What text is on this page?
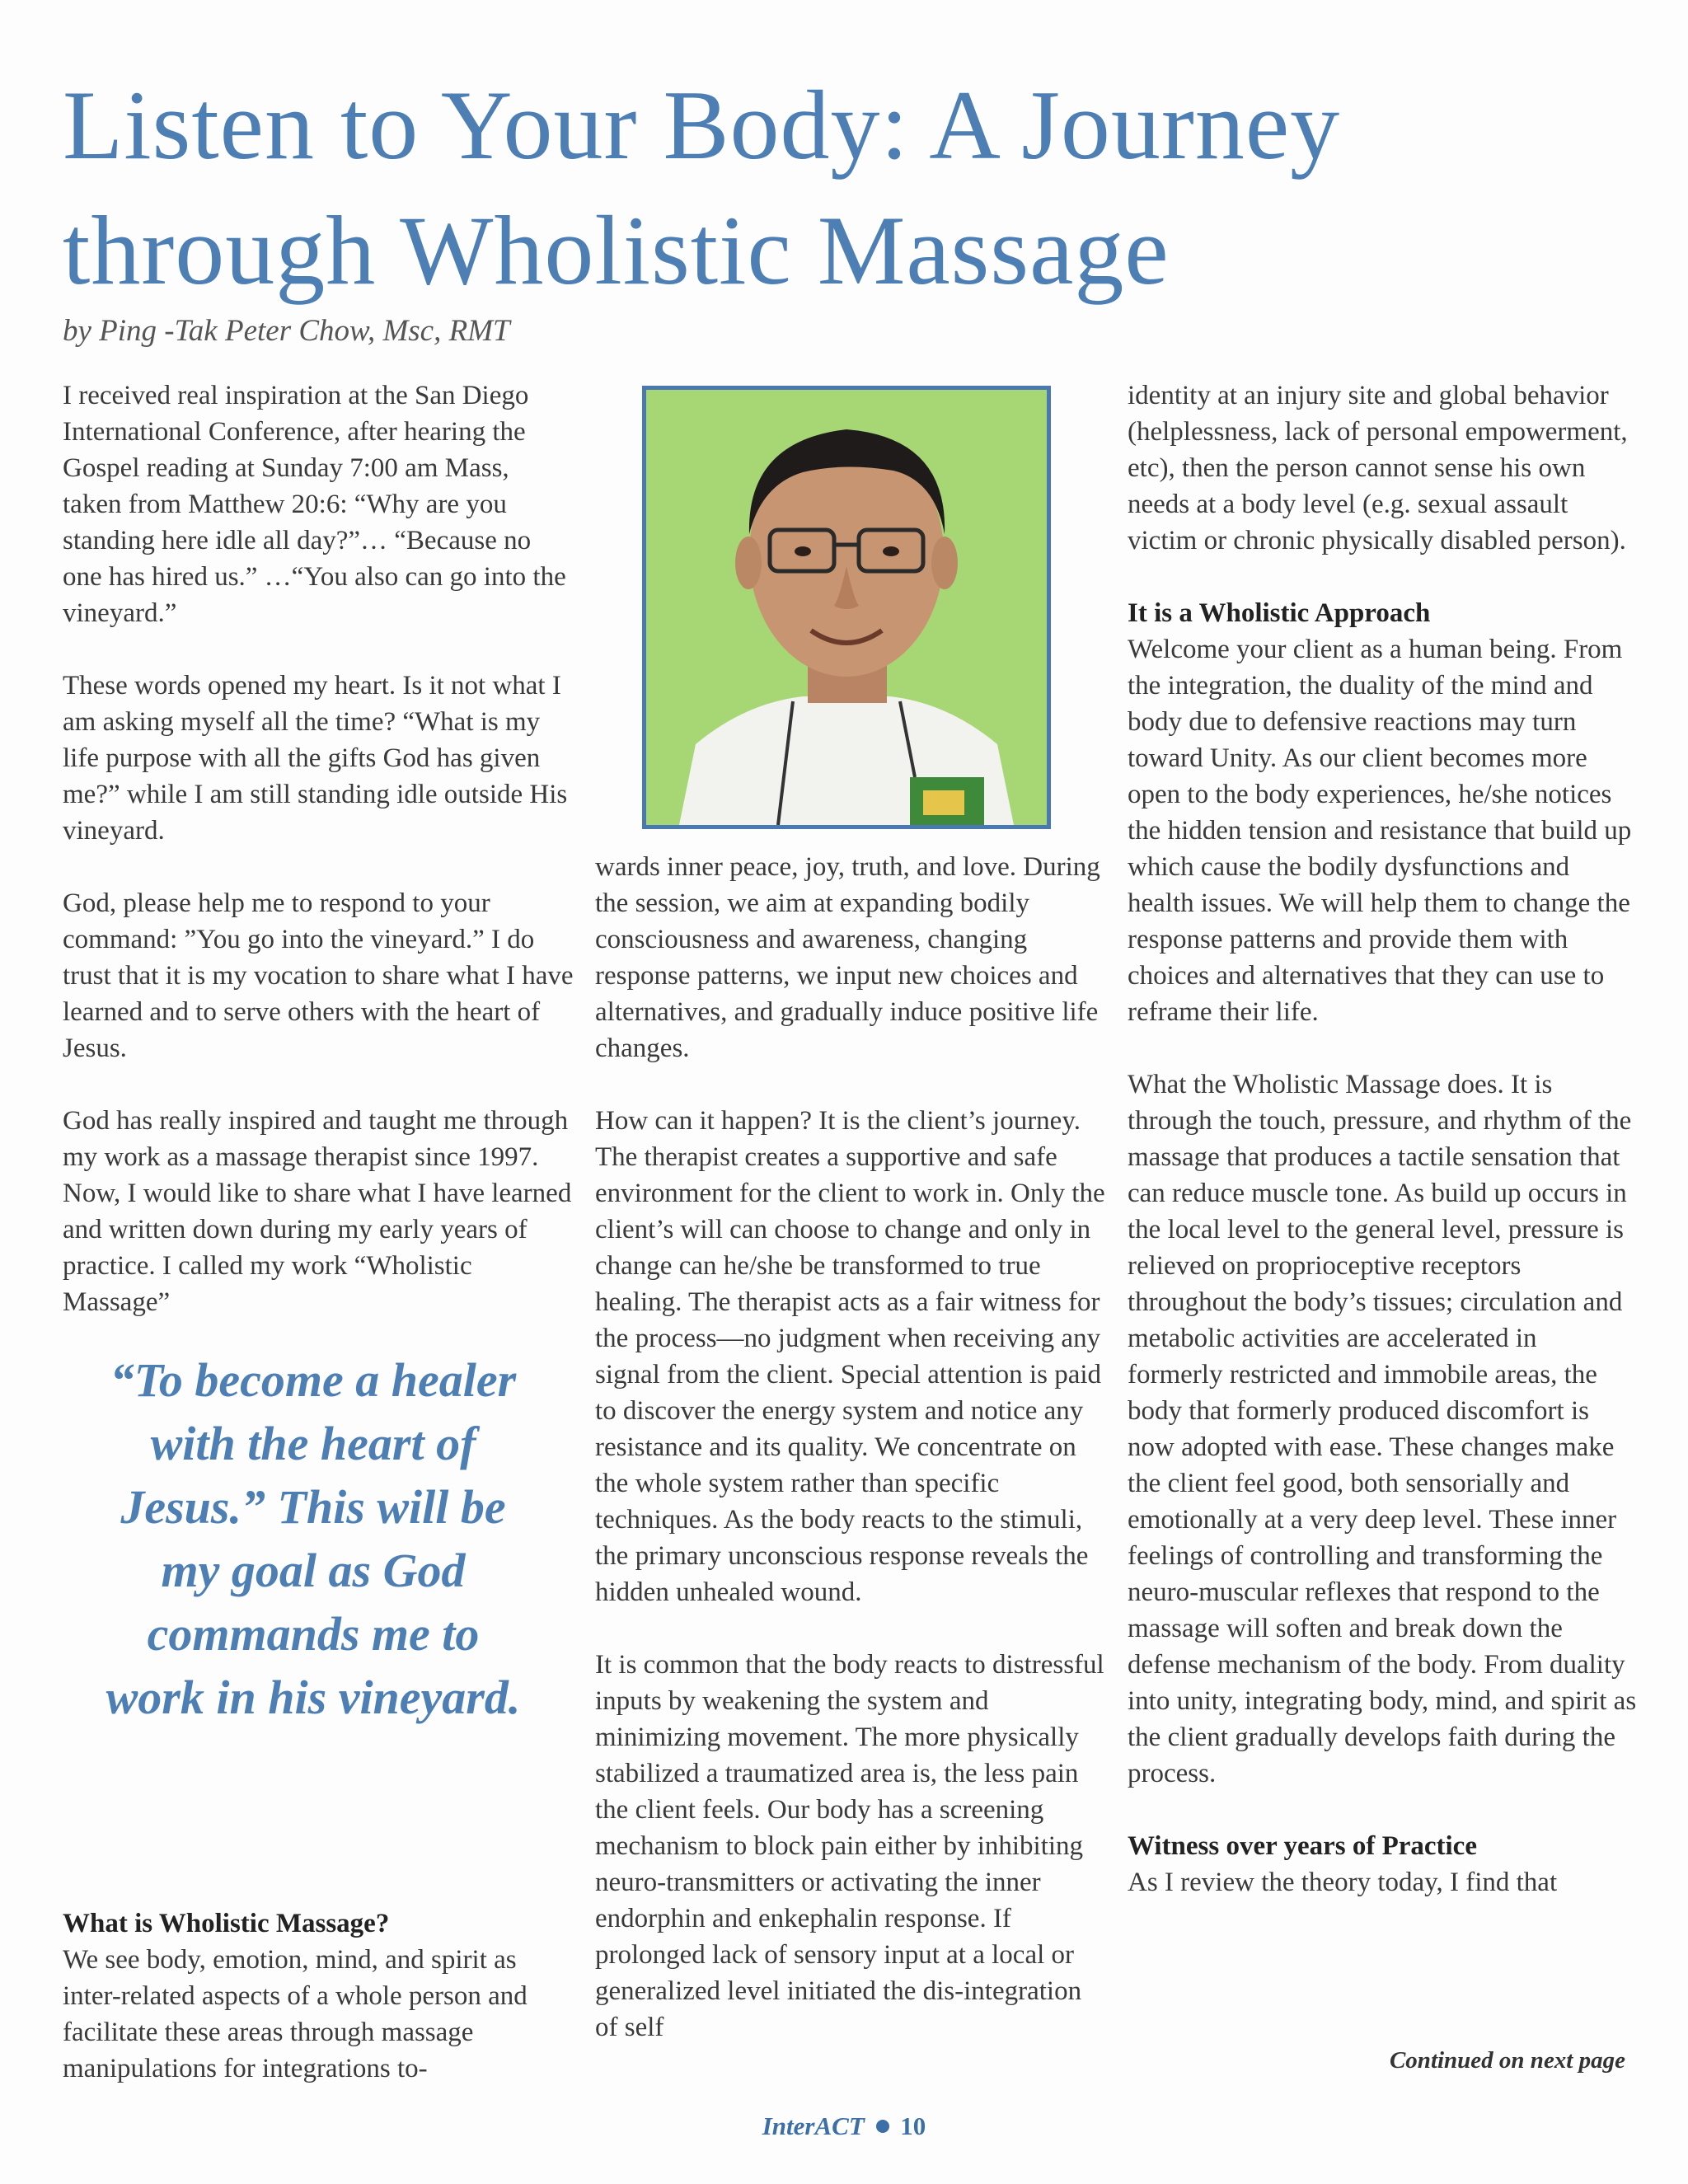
Listen to Your Body: A Journey through Wholistic Massage
by Ping -Tak Peter Chow, Msc, RMT

I received real inspiration at the San Diego International Conference, after hearing the Gospel reading at Sunday 7:00 am Mass, taken from Matthew 20:6: “Why are you standing here idle all day?”… “Because no one has hired us.” …“You also can go into the vineyard.”

These words opened my heart. Is it not what I am asking myself all the time? “What is my life purpose with all the gifts God has given me?” while I am still standing idle outside His vineyard.

God, please help me to respond to your command: ”You go into the vineyard.” I do trust that it is my vocation to share what I have learned and to serve others with the heart of Jesus.

God has really inspired and taught me through my work as a massage therapist since 1997. Now, I would like to share what I have learned and written down during my early years of practice. I called my work “Wholistic Massage”

“To become a healer with the heart of Jesus.” This will be my goal as God commands me to work in his vineyard.
What is Wholistic Massage?

We see body, emotion, mind, and spirit as inter-related aspects of a whole person and facilitate these areas through massage manipulations for integrations to-

wards inner peace, joy, truth, and love. During the session, we aim at expanding bodily consciousness and awareness, changing response patterns, we input new choices and alternatives, and gradually induce positive life changes.

How can it happen? It is the client’s journey. The therapist creates a supportive and safe environment for the client to work in. Only the client’s will can choose to change and only in change can he/she be transformed to true healing. The therapist acts as a fair witness for the process—no judgment when receiving any signal from the client. Special attention is paid to discover the energy system and notice any resistance and its quality. We concentrate on the whole system rather than specific techniques. As the body reacts to the stimuli, the primary unconscious response reveals the hidden unhealed wound.

It is common that the body reacts to distressful inputs by weakening the system and minimizing movement. The more physically stabilized a traumatized area is, the less pain the client feels. Our body has a screening mechanism to block pain either by inhibiting neuro-transmitters or activating the inner endorphin and enkephalin response. If prolonged lack of sensory input at a local or generalized level initiated the dis-integration of self

identity at an injury site and global behavior (helplessness, lack of personal empowerment, etc), then the person cannot sense his own needs at a body level (e.g. sexual assault victim or chronic physically disabled person).

It is a Wholistic Approach

Welcome your client as a human being. From the integration, the duality of the mind and body due to defensive reactions may turn toward Unity. As our client becomes more open to the body experiences, he/she notices the hidden tension and resistance that build up which cause the bodily dysfunctions and health issues. We will help them to change the response patterns and provide them with choices and alternatives that they can use to reframe their life.

What the Wholistic Massage does. It is through the touch, pressure, and rhythm of the massage that produces a tactile sensation that can reduce muscle tone. As build up occurs in the local level to the general level, pressure is relieved on proprioceptive receptors throughout the body’s tissues; circulation and metabolic activities are accelerated in formerly restricted and immobile areas, the body that formerly produced discomfort is now adopted with ease. These changes make the client feel good, both sensorially and emotionally at a very deep level. These inner feelings of controlling and transforming the neuro-muscular reflexes that respond to the massage will soften and break down the defense mechanism of the body. From duality into unity, integrating body, mind, and spirit as the client gradually develops faith during the process.

Witness over years of Practice

As I review the theory today, I find that

Continued on next page
InterACT 10
